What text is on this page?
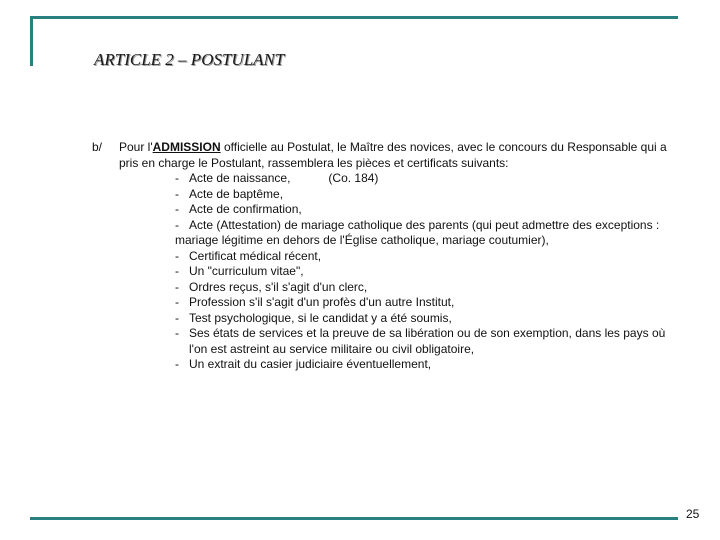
ARTICLE 2 – POSTULANT
b/ Pour l'ADMISSION officielle au Postulat, le Maître des novices, avec le concours du Responsable qui a pris en charge le Postulant, rassemblera les pièces et certificats suivants:
- Acte de naissance,	(Co. 184)
- Acte de baptême,
- Acte de confirmation,
- Acte (Attestation) de mariage catholique des parents (qui peut admettre des exceptions : mariage légitime en dehors de l'Église catholique, mariage coutumier),
- Certificat médical récent,
- Un "curriculum vitae",
- Ordres reçus, s'il s'agit d'un clerc,
- Profession s'il s'agit d'un profès d'un autre Institut,
- Test psychologique, si le candidat y a été soumis,
- Ses états de services et la preuve de sa libération ou de son exemption, dans les pays où l'on est astreint au service militaire ou civil obligatoire,
- Un extrait du casier judiciaire éventuellement,
25
